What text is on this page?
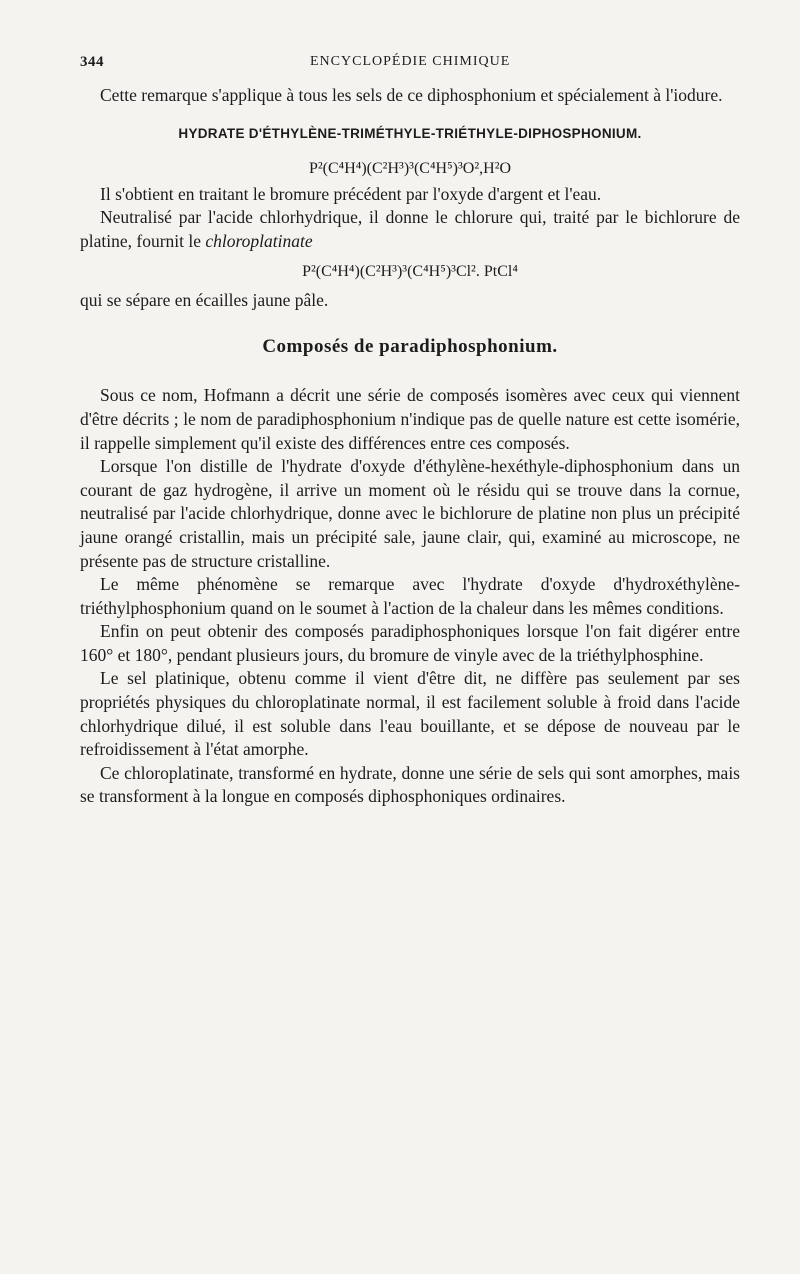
344	ENCYCLOPÉDIE CHIMIQUE

Cette remarque s'applique à tous les sels de ce diphosphonium et spécialement à l'iodure.

HYDRATE D'ÉTHYLÈNE-TRIMÉTHYLE-TRIÉTHYLE-DIPHOSPHONIUM.

P²(C⁴H⁴)(C²H³)³(C⁴H⁵)³O²,H²O

Il s'obtient en traitant le bromure précédent par l'oxyde d'argent et l'eau.

Neutralisé par l'acide chlorhydrique, il donne le chlorure qui, traité par le bichlorure de platine, fournit le chloroplatinate

P²(C⁴H⁴)(C²H³)³(C⁴H⁵)³Cl². PtCl⁴

qui se sépare en écailles jaune pâle.

Composés de paradiphosphonium.

Sous ce nom, Hofmann a décrit une série de composés isomères avec ceux qui viennent d'être décrits ; le nom de paradiphosphonium n'indique pas de quelle nature est cette isomérie, il rappelle simplement qu'il existe des différences entre ces composés.

Lorsque l'on distille de l'hydrate d'oxyde d'éthylène-hexéthyle-diphosphonium dans un courant de gaz hydrogène, il arrive un moment où le résidu qui se trouve dans la cornue, neutralisé par l'acide chlorhydrique, donne avec le bichlorure de platine non plus un précipité jaune orangé cristallin, mais un précipité sale, jaune clair, qui, examiné au microscope, ne présente pas de structure cristalline.

Le même phénomène se remarque avec l'hydrate d'oxyde d'hydroxéthylène-triéthylphosphonium quand on le soumet à l'action de la chaleur dans les mêmes conditions.

Enfin on peut obtenir des composés paradiphosphoniques lorsque l'on fait digérer entre 160° et 180°, pendant plusieurs jours, du bromure de vinyle avec de la triéthylphosphine.

Le sel platinique, obtenu comme il vient d'être dit, ne diffère pas seulement par ses propriétés physiques du chloroplatinate normal, il est facilement soluble à froid dans l'acide chlorhydrique dilué, il est soluble dans l'eau bouillante, et se dépose de nouveau par le refroidissement à l'état amorphe.

Ce chloroplatinate, transformé en hydrate, donne une série de sels qui sont amorphes, mais se transforment à la longue en composés diphosphoniques ordinaires.
